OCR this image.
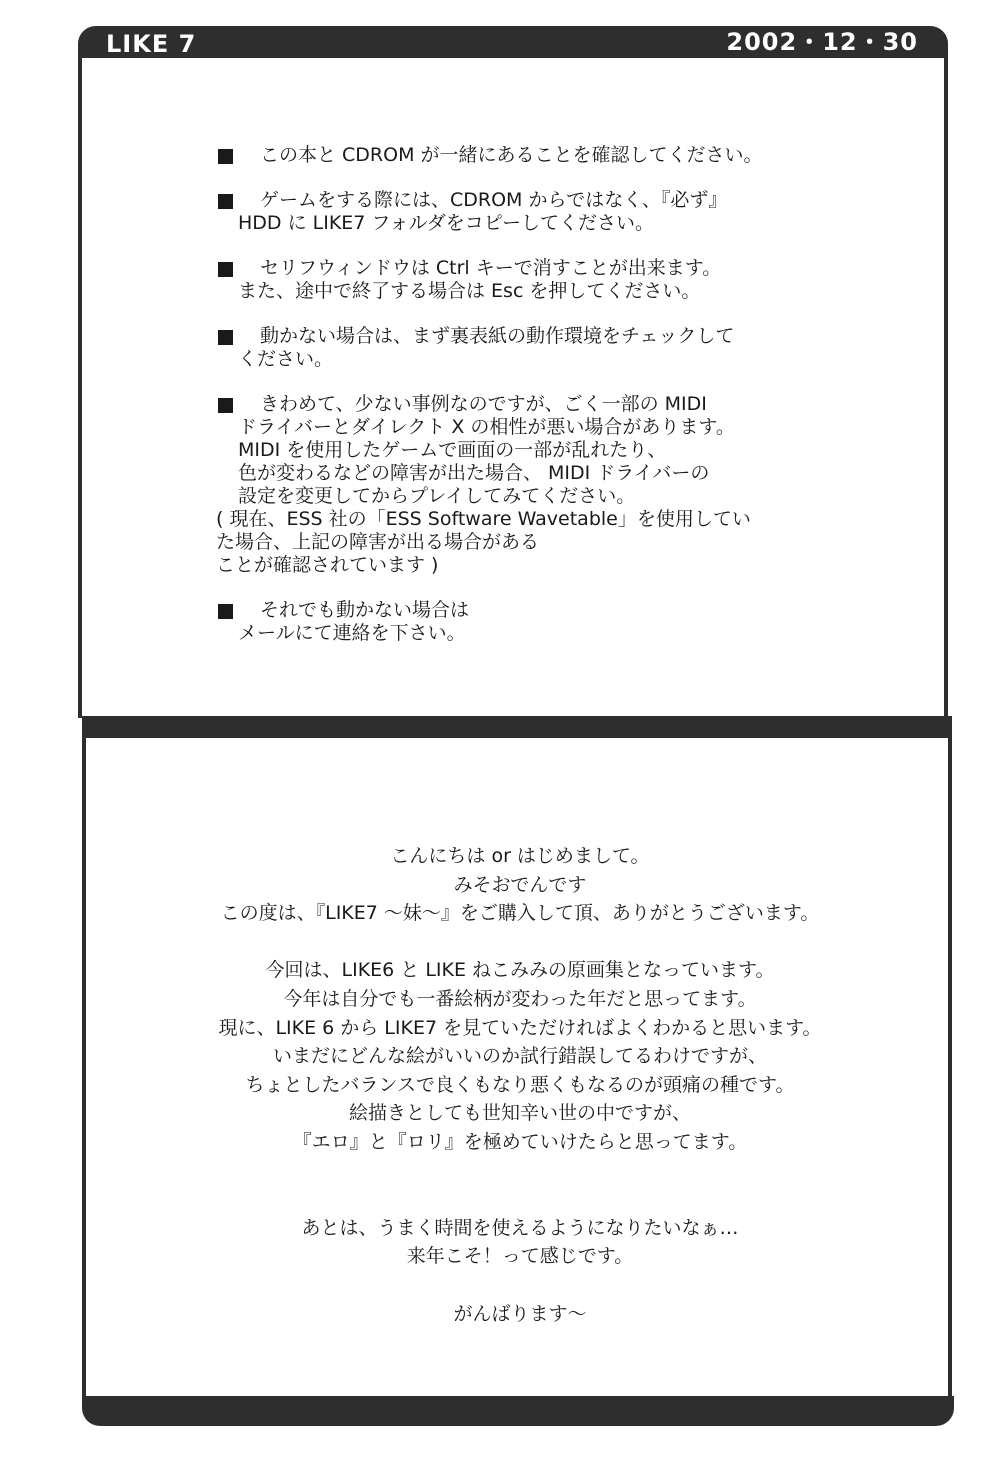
LIKE 7	2002・12・30
この本と CDROM が一緒にあることを確認してください。
ゲームをする際には、CDROM からではなく、『必ず』
HDD に LIKE7 フォルダをコピーしてください。
セリフウィンドウは Ctrl キーで消すことが出来ます。
また、途中で終了する場合は Esc を押してください。
動かない場合は、まず裏表紙の動作環境をチェックして
ください。
きわめて、少ない事例なのですが、ごく一部の MIDI
ドライバーとダイレクト X の相性が悪い場合があります。
MIDI を使用したゲームで画面の一部が乱れたり、
色が変わるなどの障害が出た場合、 MIDI ドライバーの
設定を変更してからプレイしてみてください。
( 現在、ESS 社の「ESS Software Wavetable」を使用してい
た場合、上記の障害が出る場合がある
ことが確認されています )
それでも動かない場合は
メールにて連絡を下さい。
こんにちは or はじめまして。
みそおでんです
この度は、『LIKE7 〜妹〜』をご購入して頂、ありがとうございます。
今回は、LIKE6 と LIKE ねこみみの原画集となっています。
今年は自分でも一番絵柄が変わった年だと思ってます。
現に、LIKE 6 から LIKE7 を見ていただければよくわかると思います。
いまだにどんな絵がいいのか試行錯誤してるわけですが、
ちょとしたバランスで良くもなり悪くもなるのが頭痛の種です。
絵描きとしても世知辛い世の中ですが、
『エロ』と『ロリ』を極めていけたらと思ってます。
あとは、うまく時間を使えるようになりたいなぁ…
来年こそ！って感じです。
がんばります〜
